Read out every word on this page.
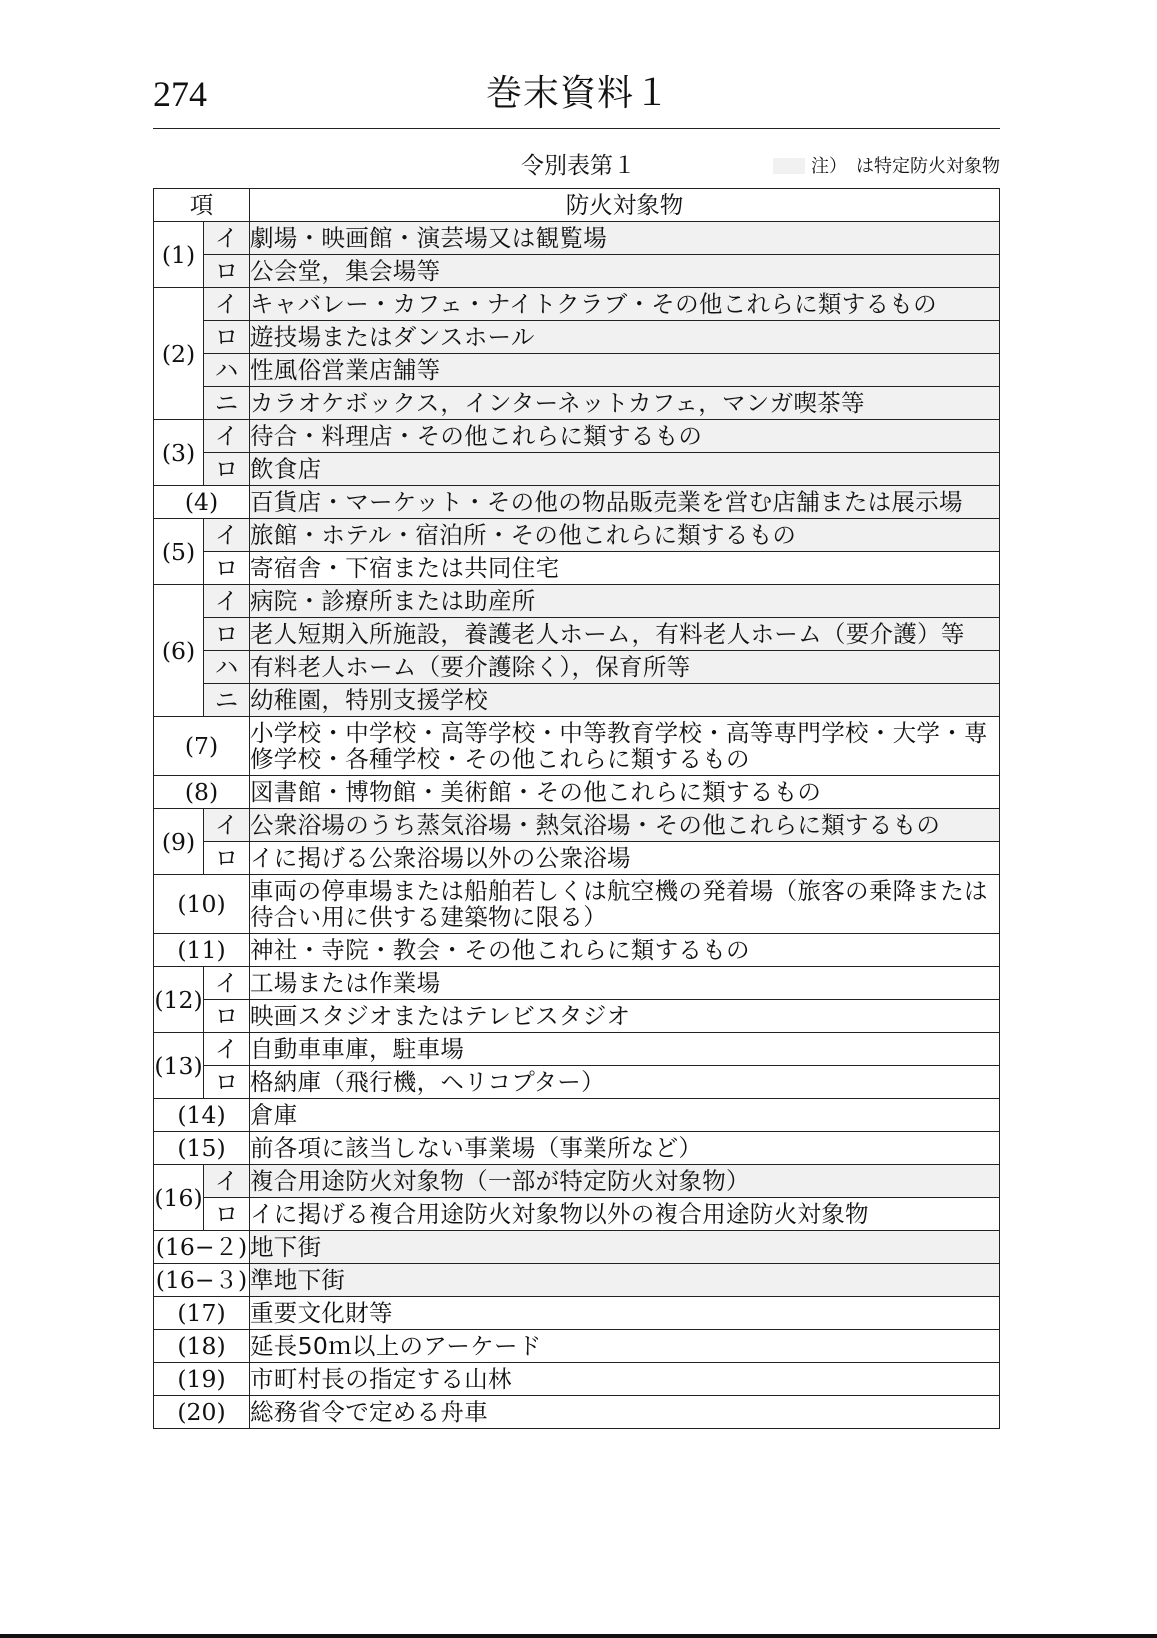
274	巻末資料１
令別表第１	注）　は特定防火対象物
項		防火対象物
(1)	イ	劇場・映画館・演芸場又は観覧場
	ロ	公会堂，集会場等
(2)	イ	キャバレー・カフェ・ナイトクラブ・その他これらに類するもの
	ロ	遊技場またはダンスホール
	ハ	性風俗営業店舗等
	ニ	カラオケボックス，インターネットカフェ，マンガ喫茶等
(3)	イ	待合・料理店・その他これらに類するもの
	ロ	飲食店
(4)		百貨店・マーケット・その他の物品販売業を営む店舗または展示場
(5)	イ	旅館・ホテル・宿泊所・その他これらに類するもの
	ロ	寄宿舎・下宿または共同住宅
(6)	イ	病院・診療所または助産所
	ロ	老人短期入所施設，養護老人ホーム，有料老人ホーム（要介護）等
	ハ	有料老人ホーム（要介護除く），保育所等
	ニ	幼稚園，特別支援学校
(7)		小学校・中学校・高等学校・中等教育学校・高等専門学校・大学・専修学校・各種学校・その他これらに類するもの
(8)		図書館・博物館・美術館・その他これらに類するもの
(9)	イ	公衆浴場のうち蒸気浴場・熱気浴場・その他これらに類するもの
	ロ	イに掲げる公衆浴場以外の公衆浴場
(10)		車両の停車場または船舶若しくは航空機の発着場（旅客の乗降または待合い用に供する建築物に限る）
(11)		神社・寺院・教会・その他これらに類するもの
(12)	イ	工場または作業場
	ロ	映画スタジオまたはテレビスタジオ
(13)	イ	自動車車庫，駐車場
	ロ	格納庫（飛行機，ヘリコプター）
(14)		倉庫
(15)		前各項に該当しない事業場（事業所など）
(16)	イ	複合用途防火対象物（一部が特定防火対象物）
	ロ	イに掲げる複合用途防火対象物以外の複合用途防火対象物
(16−２)		地下街
(16−３)		準地下街
(17)		重要文化財等
(18)		延長50ｍ以上のアーケード
(19)		市町村長の指定する山林
(20)		総務省令で定める舟車
